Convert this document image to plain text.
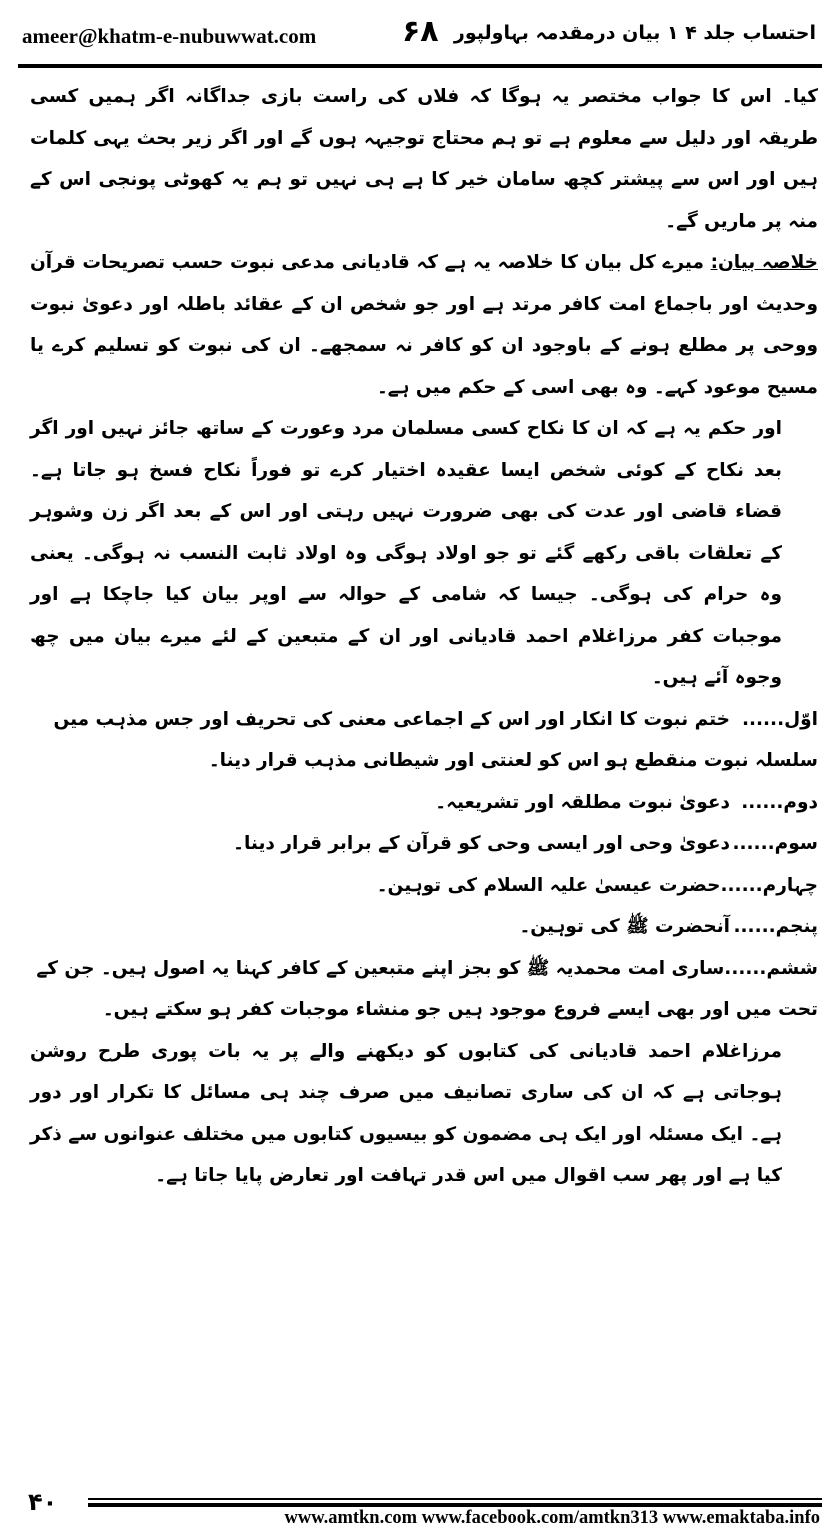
ameer@khatm-e-nubuwwat.com	۶۸ احتساب جلد ۴ ۱ بیان درمقدمہ بہاولپور

کیا۔ اس کا جواب مختصر یہ ہوگا کہ فلاں کی راست بازی جداگانہ اگر ہمیں کسی طریقہ اور دلیل سے معلوم ہے تو ہم محتاج توجیہہ ہوں گے اور اگر زیر بحث یہی کلمات ہیں اور اس سے پیشتر کچھ سامان خیر کا ہے ہی نہیں تو ہم یہ کھوٹی پونجی اس کے منہ پر ماریں گے۔

خلاصہ بیان: میرے کل بیان کا خلاصہ یہ ہے کہ قادیانی مدعی نبوت حسب تصریحات قرآن وحدیث اور باجماع امت کافر مرتد ہے اور جو شخص ان کے عقائد باطلہ اور دعویٰ نبوت ووحی پر مطلع ہونے کے باوجود ان کو کافر نہ سمجھے۔ ان کی نبوت کو تسلیم کرے یا مسیح موعود کہے۔ وہ بھی اسی کے حکم میں ہے۔

اور حکم یہ ہے کہ ان کا نکاح کسی مسلمان مرد وعورت کے ساتھ جائز نہیں اور اگر بعد نکاح کے کوئی شخص ایسا عقیدہ اختیار کرے تو فوراً نکاح فسخ ہو جاتا ہے۔ قضاء قاضی اور عدت کی بھی ضرورت نہیں رہتی اور اس کے بعد اگر زن وشوہر کے تعلقات باقی رکھے گئے تو جو اولاد ہوگی وہ اولاد ثابت النسب نہ ہوگی۔ یعنی وہ حرام کی ہوگی۔ جیسا کہ شامی کے حوالہ سے اوپر بیان کیا جاچکا ہے اور موجبات کفر مرزاغلام احمد قادیانی اور ان کے متبعین کے لئے میرے بیان میں چھ وجوہ آئے ہیں۔

اوّل......ختم نبوت کا انکار اور اس کے اجماعی معنی کی تحریف اور جس مذہب میں سلسلہ نبوت منقطع ہو اس کو لعنتی اور شیطانی مذہب قرار دینا۔
دوم......دعویٰ نبوت مطلقہ اور تشریعیہ۔
سوم......دعویٰ وحی اور ایسی وحی کو قرآن کے برابر قرار دینا۔
چہارم......حضرت عیسیٰ علیہ السلام کی توہین۔
پنجم......آنحضرت ﷺ کی توہین۔
ششم......ساری امت محمدیہ ﷺ کو بجز اپنے متبعین کے کافر کہنا یہ اصول ہیں۔ جن کے تحت میں اور بھی ایسے فروع موجود ہیں جو منشاء موجبات کفر ہو سکتے ہیں۔

مرزاغلام احمد قادیانی کی کتابوں کو دیکھنے والے پر یہ بات پوری طرح روشن ہوجاتی ہے کہ ان کی ساری تصانیف میں صرف چند ہی مسائل کا تکرار اور دور ہے۔ ایک مسئلہ اور ایک ہی مضمون کو بیسیوں کتابوں میں مختلف عنوانوں سے ذکر کیا ہے اور پھر سب اقوال میں اس قدر تہافت اور تعارض پایا جاتا ہے۔

۴۰
www.amtkn.com www.facebook.com/amtkn313 www.emaktaba.info
